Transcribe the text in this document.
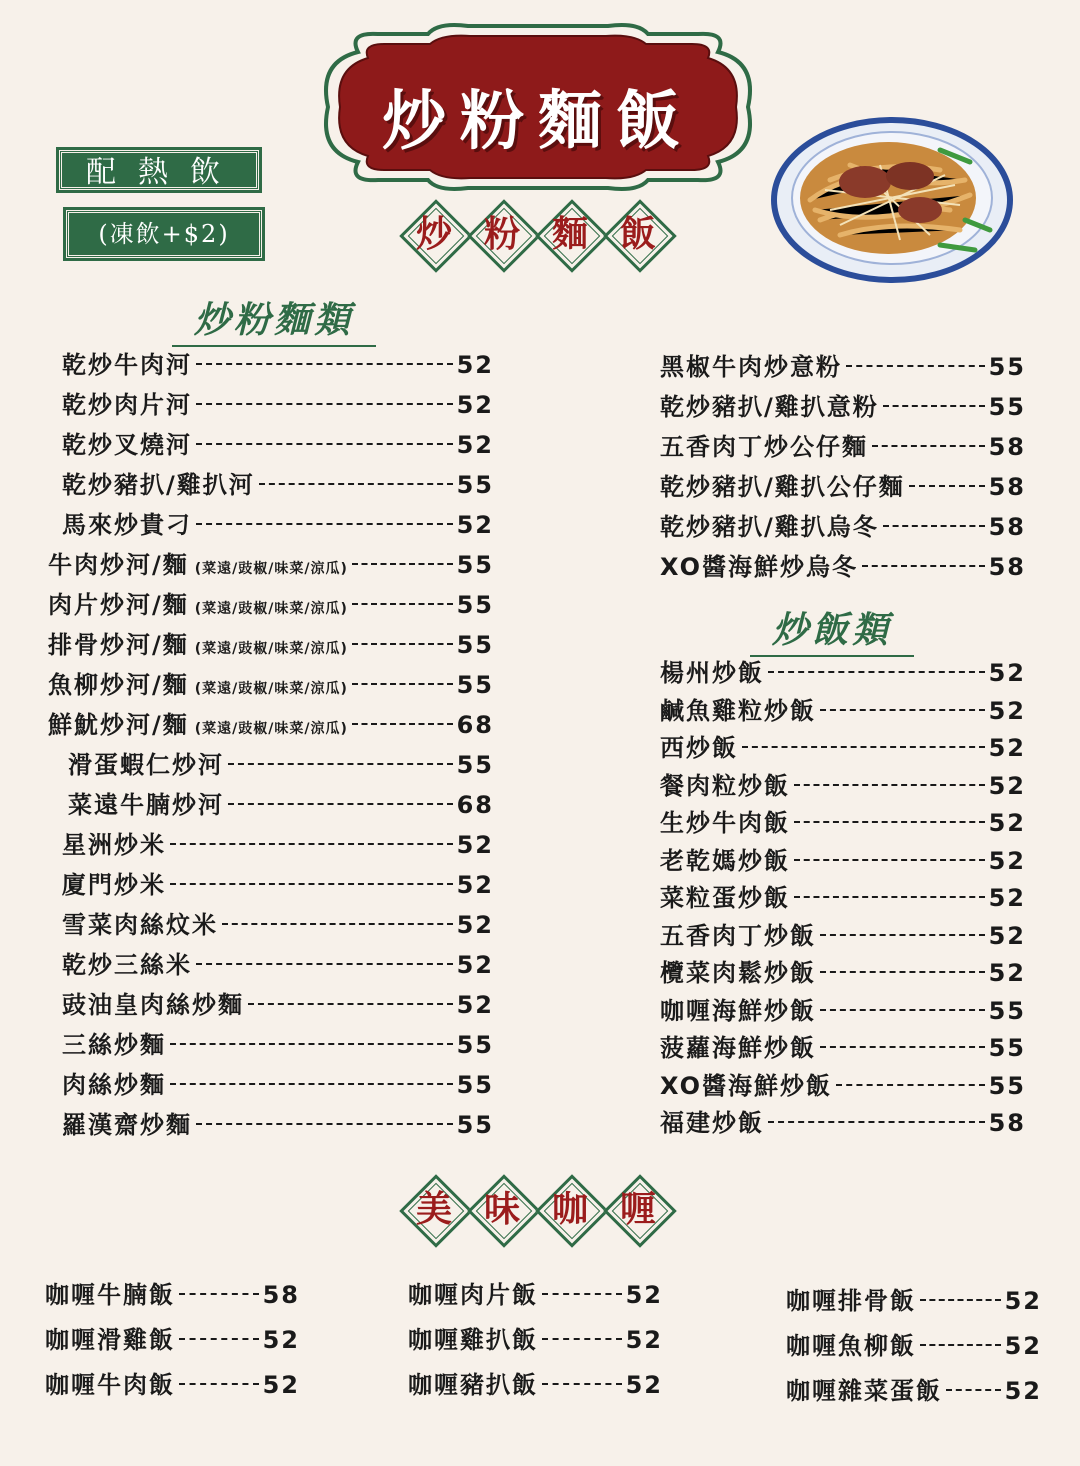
炒粉麵飯
配熱飲
(凍飲+$2)	炒 粉 麵 飯
炒粉麵類
炒飯類
乾炒牛肉河	52
乾炒肉片河	52
乾炒叉燒河	52
乾炒豬扒/雞扒河	55
馬來炒貴刁	52
牛肉炒河/麵 (菜遠/豉椒/味菜/涼瓜)	55
肉片炒河/麵 (菜遠/豉椒/味菜/涼瓜)	55
排骨炒河/麵 (菜遠/豉椒/味菜/涼瓜)	55
魚柳炒河/麵 (菜遠/豉椒/味菜/涼瓜)	55
鮮魷炒河/麵 (菜遠/豉椒/味菜/涼瓜)	68
滑蛋蝦仁炒河	55
菜遠牛腩炒河	68
星洲炒米	52
廈門炒米	52
雪菜肉絲炆米	52
乾炒三絲米	52
豉油皇肉絲炒麵	52
三絲炒麵	55
肉絲炒麵	55
羅漢齋炒麵	55
黑椒牛肉炒意粉	55
乾炒豬扒/雞扒意粉	55
五香肉丁炒公仔麵	58
乾炒豬扒/雞扒公仔麵	58
乾炒豬扒/雞扒烏冬	58
XO醬海鮮炒烏冬	58
楊州炒飯	52
鹹魚雞粒炒飯	52
西炒飯	52
餐肉粒炒飯	52
生炒牛肉飯	52
老乾媽炒飯	52
菜粒蛋炒飯	52
五香肉丁炒飯	52
欖菜肉鬆炒飯	52
咖喱海鮮炒飯	55
菠蘿海鮮炒飯	55
XO醬海鮮炒飯	55
福建炒飯	58
美 味 咖 喱
咖喱牛腩飯	58
咖喱滑雞飯	52
咖喱牛肉飯	52
咖喱肉片飯	52
咖喱雞扒飯	52
咖喱豬扒飯	52
咖喱排骨飯	52
咖喱魚柳飯	52
咖喱雜菜蛋飯	52
